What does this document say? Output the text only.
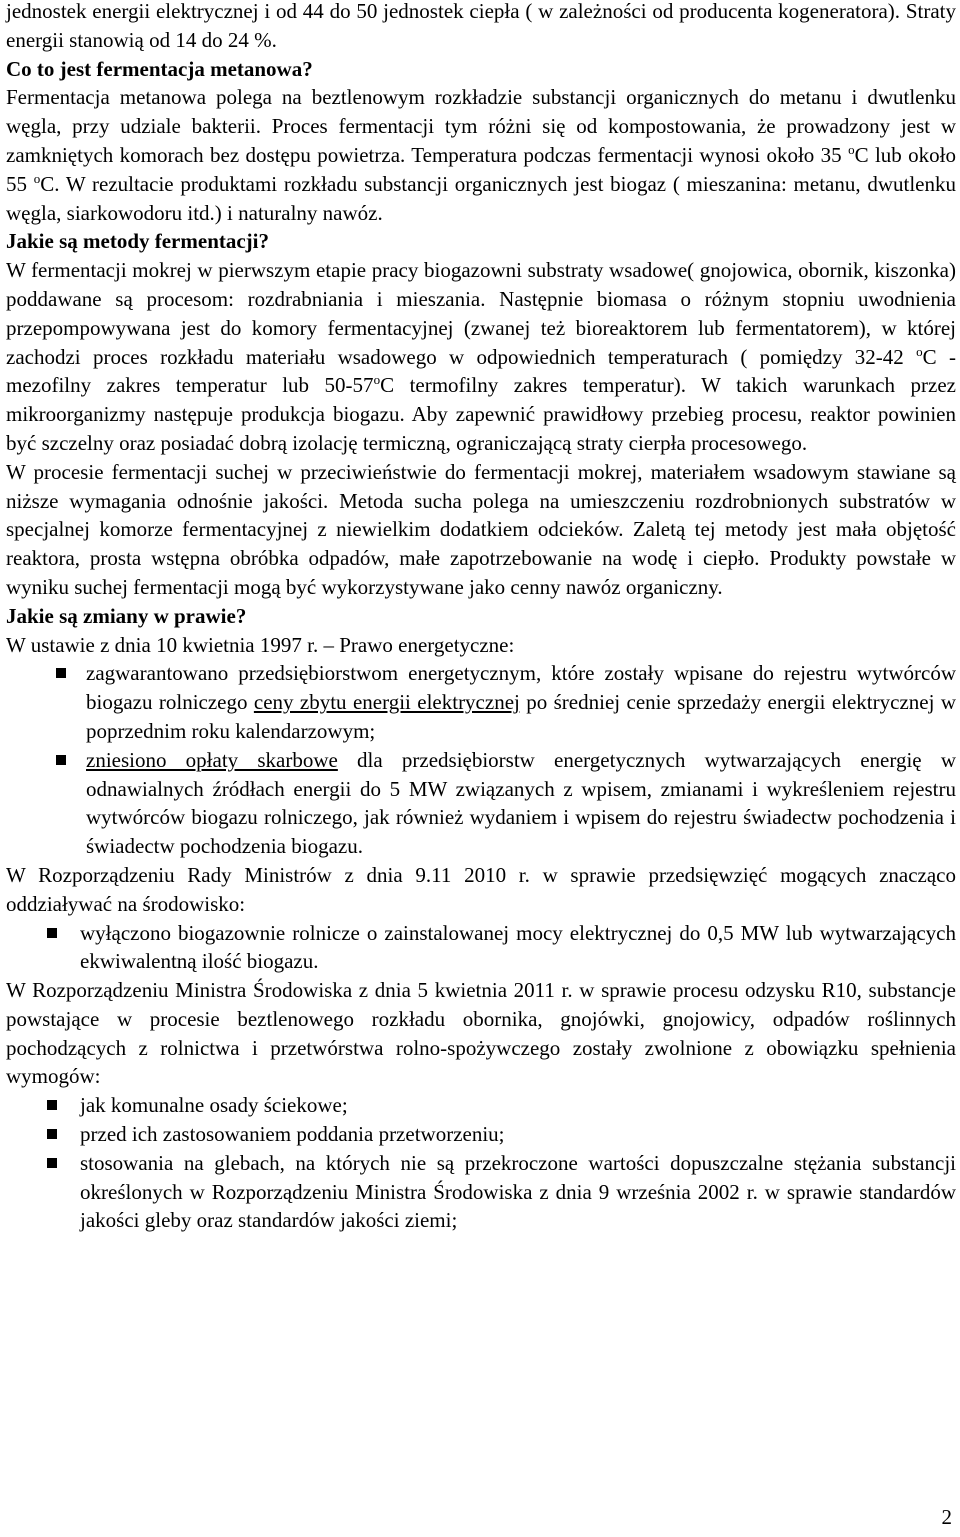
jednostek energii elektrycznej i od 44 do 50 jednostek ciepła ( w zależności od producenta kogeneratora). Straty energii stanowią od 14 do 24 %.

Co to jest fermentacja metanowa?

Fermentacja metanowa polega na beztlenowym rozkładzie substancji organicznych do metanu i dwutlenku węgla, przy udziale bakterii. Proces fermentacji tym różni się od kompostowania, że prowadzony jest w zamkniętych komorach bez dostępu powietrza. Temperatura podczas fermentacji wynosi około 35 $^o$C lub około 55 $^o$C. W rezultacie produktami rozkładu substancji organicznych jest biogaz ( mieszanina: metanu, dwutlenku węgla, siarkowodoru itd.) i naturalny nawóz.

Jakie są metody fermentacji?

W fermentacji mokrej w pierwszym etapie pracy biogazowni substraty wsadowe( gnojowica, obornik, kiszonka) poddawane są procesom: rozdrabniania i mieszania. Następnie biomasa o różnym stopniu uwodnienia przepompowywana jest do komory fermentacyjnej (zwanej też bioreaktorem lub fermentatorem), w której zachodzi proces rozkładu materiału wsadowego w odpowiednich temperaturach ( pomiędzy 32-42 $^o$C - mezofilny zakres temperatur lub 50-57$^o$C termofilny zakres temperatur). W takich warunkach przez mikroorganizmy następuje produkcja biogazu. Aby zapewnić prawidłowy przebieg procesu, reaktor powinien być szczelny oraz posiadać dobrą izolację termiczną, ograniczającą straty cierpła procesowego.

W procesie fermentacji suchej w przeciwieństwie do fermentacji mokrej, materiałem wsadowym stawiane są niższe wymagania odnośnie jakości. Metoda sucha polega na umieszczeniu rozdrobnionych substratów w specjalnej komorze fermentacyjnej z niewielkim dodatkiem odcieków. Zaletą tej metody jest mała objętość reaktora, prosta wstępna obróbka odpadów, małe zapotrzebowanie na wodę i ciepło. Produkty powstałe w wyniku suchej fermentacji mogą być wykorzystywane jako cenny nawóz organiczny.

Jakie są zmiany w prawie?

W ustawie z dnia 10 kwietnia 1997 r. – Prawo energetyczne:

zagwarantowano przedsiębiorstwom energetycznym, które zostały wpisane do rejestru wytwórców biogazu rolniczego ceny zbytu energii elektrycznej po średniej cenie sprzedaży energii elektrycznej w poprzednim roku kalendarzowym;
zniesiono opłaty skarbowe dla przedsiębiorstw energetycznych wytwarzających energię w odnawialnych źródłach energii do 5 MW związanych z wpisem, zmianami i wykreśleniem rejestru wytwórców biogazu rolniczego, jak również wydaniem i wpisem do rejestru świadectw pochodzenia i świadectw pochodzenia biogazu.

W Rozporządzeniu Rady Ministrów z dnia 9.11 2010 r. w sprawie przedsięwzięć mogących znacząco oddziaływać na środowisko:

wyłączono biogazownie rolnicze o zainstalowanej mocy elektrycznej do 0,5 MW lub wytwarzających ekwiwalentną ilość biogazu.

W Rozporządzeniu Ministra Środowiska z dnia 5 kwietnia 2011 r. w sprawie procesu odzysku R10, substancje powstające w procesie beztlenowego rozkładu obornika, gnojówki, gnojowicy, odpadów roślinnych pochodzących z rolnictwa i przetwórstwa rolno-spożywczego zostały zwolnione z obowiązku spełnienia wymogów:

jak komunalne osady ściekowe;
przed ich zastosowaniem poddania przetworzeniu;
stosowania na glebach, na których nie są przekroczone wartości dopuszczalne stężania substancji określonych w Rozporządzeniu Ministra Środowiska z dnia 9 września 2002 r. w sprawie standardów jakości gleby oraz standardów jakości ziemi;
2
